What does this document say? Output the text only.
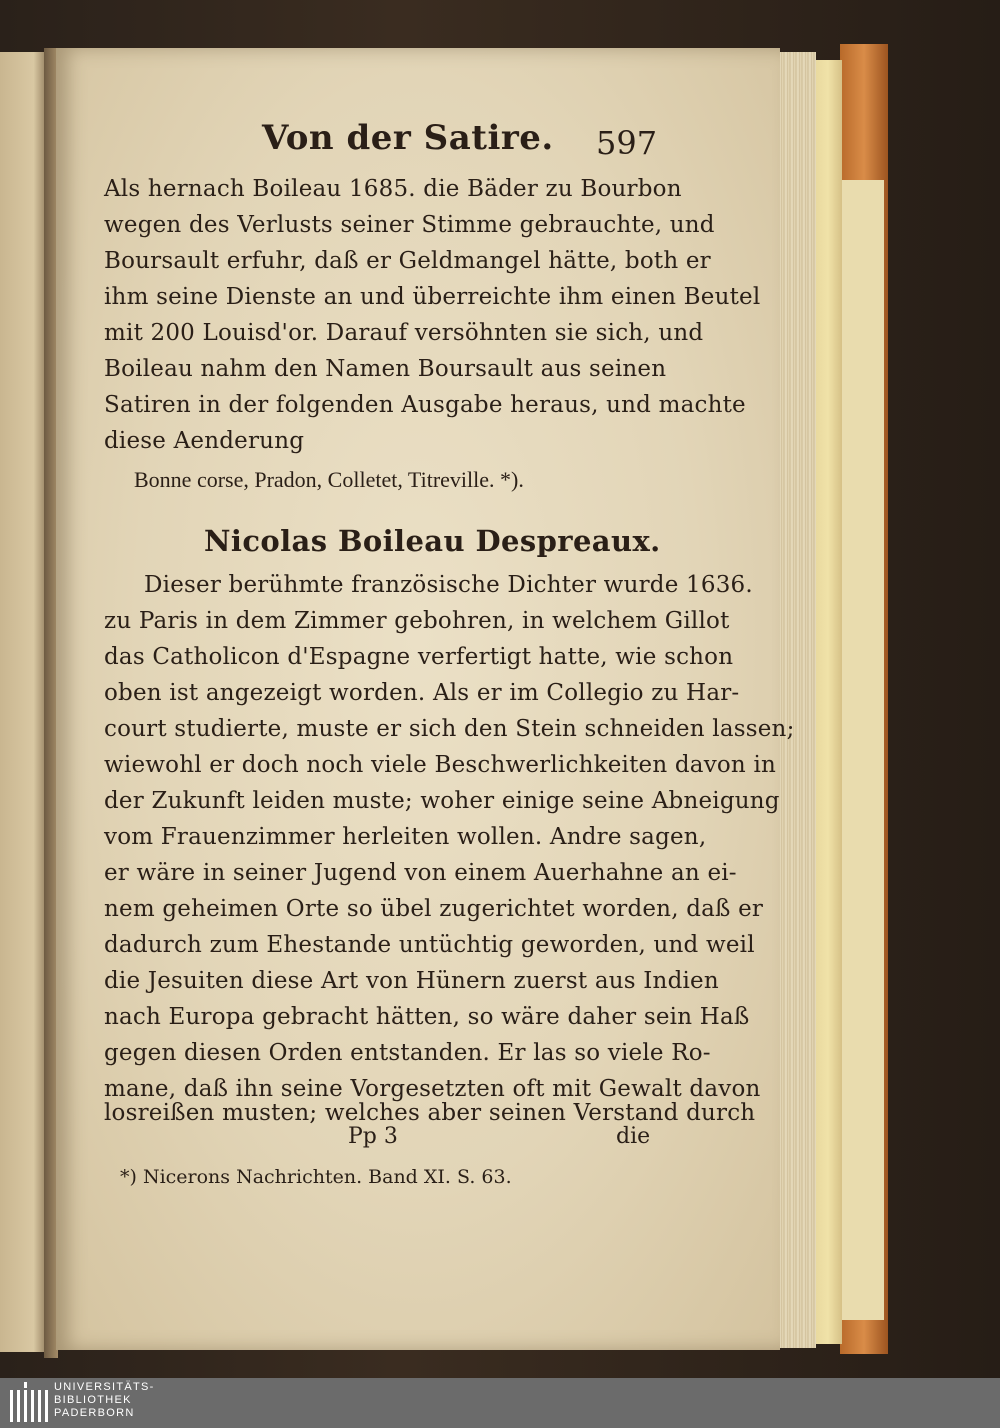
Von der Satire. 597
Als hernach Boileau 1685. die Bäder zu Bourbon
wegen des Verlusts seiner Stimme gebrauchte, und
Boursault erfuhr, daß er Geldmangel hätte, both er
ihm seine Dienste an und überreichte ihm einen Beutel
mit 200 Louisd'or. Darauf versöhnten sie sich, und
Boileau nahm den Namen Boursault aus seinen
Satiren in der folgenden Ausgabe heraus, und machte
diese Aenderung
Bonne corse, Pradon, Colletet, Titreville. *).
Nicolas Boileau Despreaux.
Dieser berühmte französische Dichter wurde 1636.
zu Paris in dem Zimmer gebohren, in welchem Gillot
das Catholicon d'Espagne verfertigt hatte, wie schon
oben ist angezeigt worden. Als er im Collegio zu Har-
court studierte, muste er sich den Stein schneiden lassen;
wiewohl er doch noch viele Beschwerlichkeiten davon in
der Zukunft leiden muste; woher einige seine Abneigung
vom Frauenzimmer herleiten wollen. Andre sagen,
er wäre in seiner Jugend von einem Auerhahne an ei-
nem geheimen Orte so übel zugerichtet worden, daß er
dadurch zum Ehestande untüchtig geworden, und weil
die Jesuiten diese Art von Hünern zuerst aus Indien
nach Europa gebracht hätten, so wäre daher sein Haß
gegen diesen Orden entstanden. Er las so viele Ro-
mane, daß ihn seine Vorgesetzten oft mit Gewalt davon
losreißen musten; welches aber seinen Verstand durch
Pp 3	die
*) Nicerons Nachrichten. Band XI. S. 63.
UNIVERSITÄTS-
BIBLIOTHEK
PADERBORN
